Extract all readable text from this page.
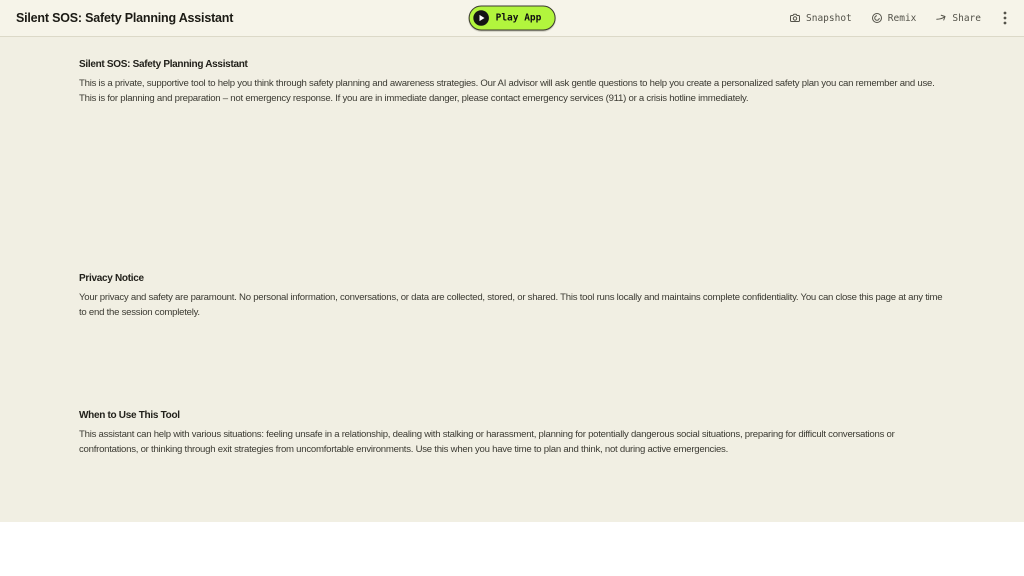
Silent SOS: Safety Planning Assistant	Play App	Snapshot	Remix	Share
Silent SOS: Safety Planning Assistant

This is a private, supportive tool to help you think through safety planning and awareness strategies. Our AI advisor will ask gentle questions to help you create a personalized safety plan you can remember and use. This is for planning and preparation – not emergency response. If you are in immediate danger, please contact emergency services (911) or a crisis hotline immediately.

Privacy Notice

Your privacy and safety are paramount. No personal information, conversations, or data are collected, stored, or shared. This tool runs locally and maintains complete confidentiality. You can close this page at any time to end the session completely.

When to Use This Tool

This assistant can help with various situations: feeling unsafe in a relationship, dealing with stalking or harassment, planning for potentially dangerous social situations, preparing for difficult conversations or confrontations, or thinking through exit strategies from uncomfortable environments. Use this when you have time to plan and think, not during active emergencies.
